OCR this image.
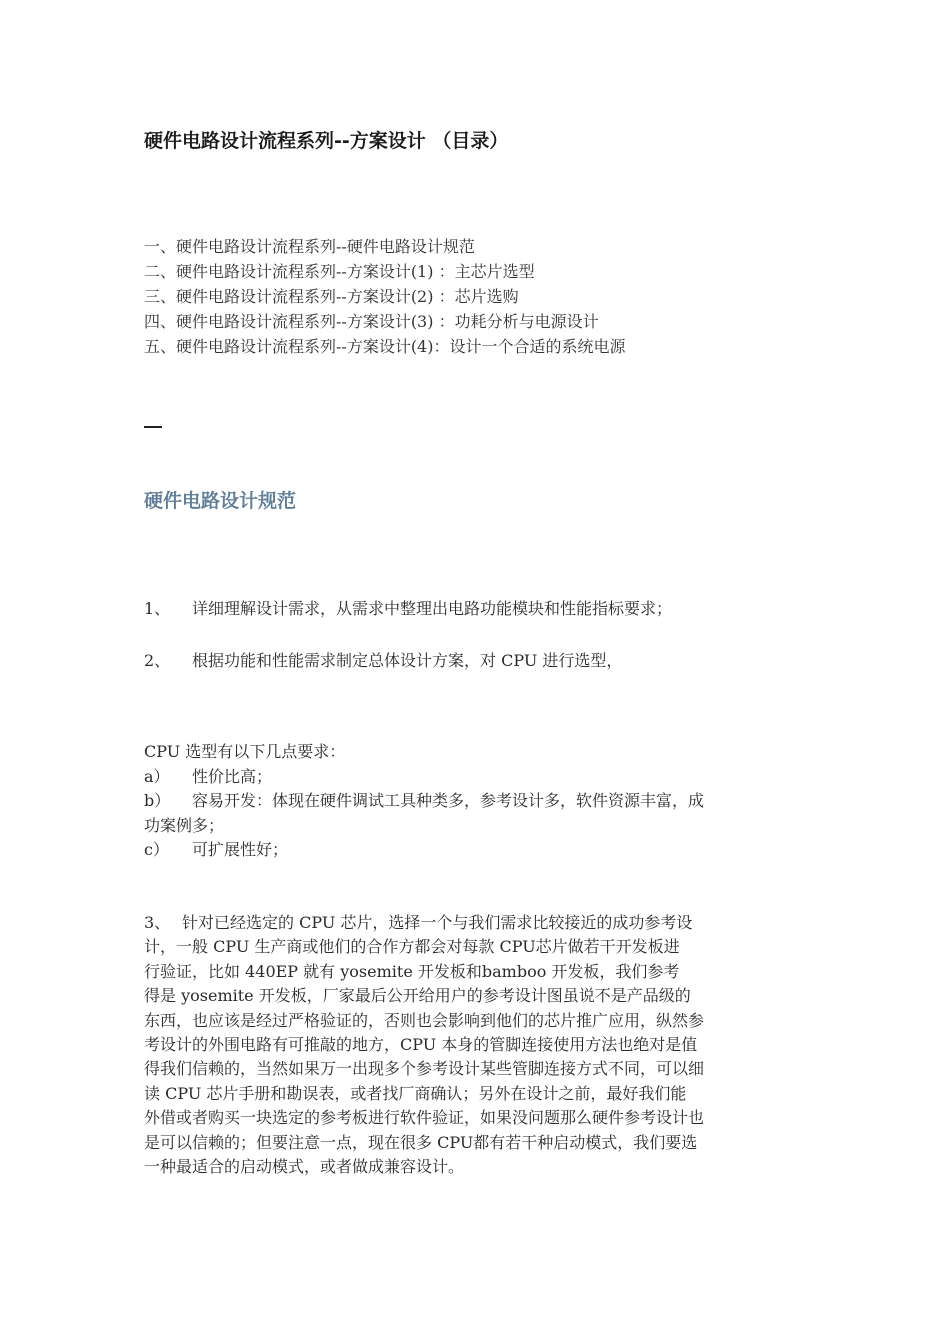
硬件电路设计流程系列--方案设计 （目录）
一、硬件电路设计流程系列--硬件电路设计规范
二、硬件电路设计流程系列--方案设计(1) ：主芯片选型
三、硬件电路设计流程系列--方案设计(2) ：芯片选购
四、硬件电路设计流程系列--方案设计(3) ：功耗分析与电源设计
五、硬件电路设计流程系列--方案设计(4)：设计一个合适的系统电源
硬件电路设计规范
1、 详细理解设计需求，从需求中整理出电路功能模块和性能指标要求；
2、 根据功能和性能需求制定总体设计方案，对 CPU 进行选型，
CPU 选型有以下几点要求：
a） 性价比高；
b） 容易开发：体现在硬件调试工具种类多，参考设计多，软件资源丰富，成
功案例多；
c） 可扩展性好；
3、 针对已经选定的 CPU 芯片，选择一个与我们需求比较接近的成功参考设
计，一般 CPU 生产商或他们的合作方都会对每款 CPU芯片做若干开发板进
行验证，比如 440EP 就有 yosemite 开发板和bamboo 开发板，我们参考
得是 yosemite 开发板，厂家最后公开给用户的参考设计图虽说不是产品级的
东西，也应该是经过严格验证的，否则也会影响到他们的芯片推广应用，纵然参
考设计的外围电路有可推敲的地方，CPU 本身的管脚连接使用方法也绝对是值
得我们信赖的，当然如果万一出现多个参考设计某些管脚连接方式不同，可以细
读 CPU 芯片手册和勘误表，或者找厂商确认；另外在设计之前，最好我们能
外借或者购买一块选定的参考板进行软件验证，如果没问题那么硬件参考设计也
是可以信赖的；但要注意一点，现在很多 CPU都有若干种启动模式，我们要选
一种最适合的启动模式，或者做成兼容设计。
